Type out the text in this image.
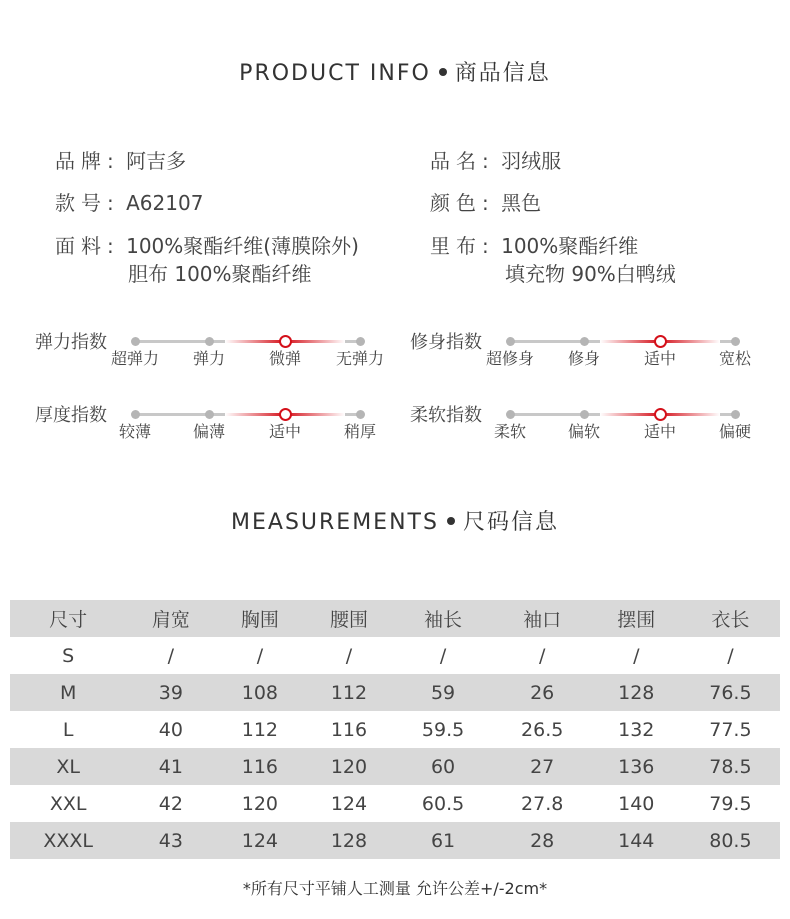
PRODUCT INFO 商品信息
品牌: 阿吉多	品名: 羽绒服
款号: A62107	颜色: 黑色
面料: 100%聚酯纤维(薄膜除外)
胆布 100%聚酯纤维
里布: 100%聚酯纤维
填充物 90%白鸭绒
弹力指数
超弹力 弹力	微弹 无弹力
修身指数
超修身 修身	适中	宽松
厚度指数
较薄	偏薄	适中	稍厚
柔软指数
柔软	偏软	适中	偏硬
MEASUREMENTS 尺码信息
尺寸	肩宽	胸围	腰围	袖长	袖口	摆围	衣长
S	/	/	/	/	/	/	/
M	39	108	112	59	26	128	76.5
L	40	112	116	59.5	26.5	132	77.5
XL	41	116	120	60	27	136	78.5
XXL	42	120	124	60.5	27.8	140	79.5
XXXL	43	124	128	61	28	144	80.5
*所有尺寸平铺人工测量 允许公差+/-2cm*
